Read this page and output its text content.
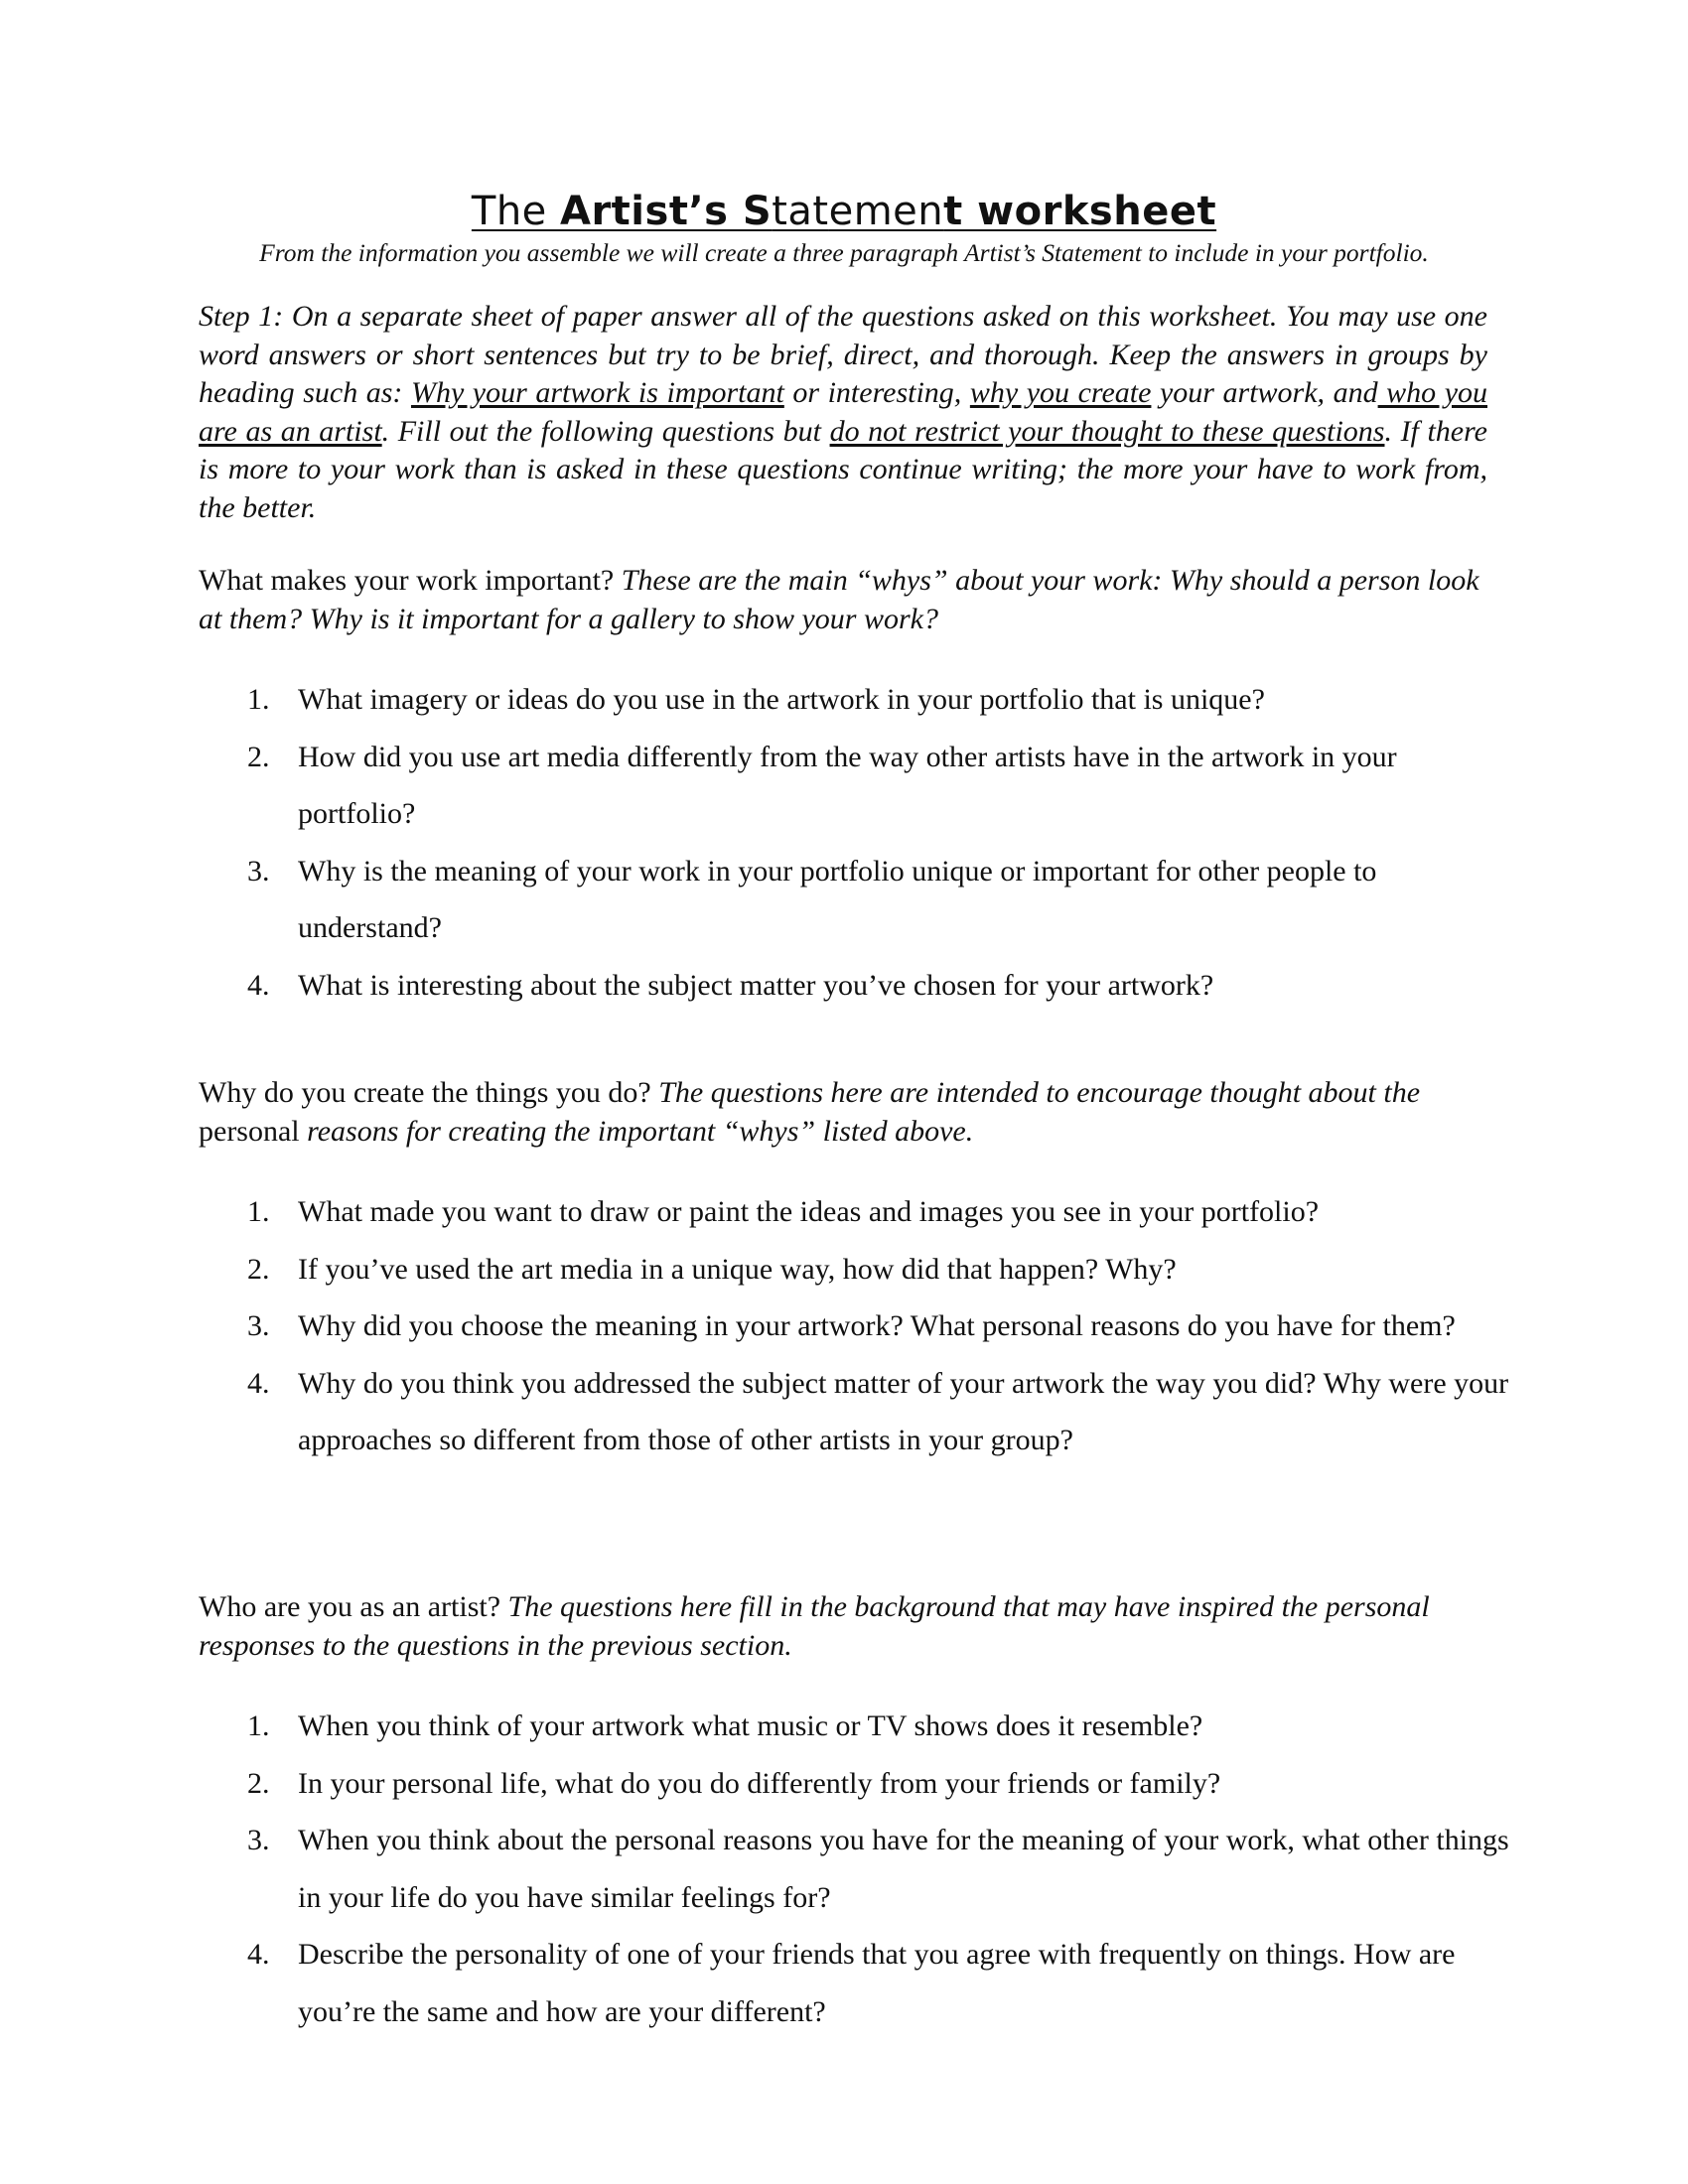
The Artist’s Statement worksheet

From the information you assemble we will create a three paragraph Artist’s Statement to include in your portfolio.

Step 1: On a separate sheet of paper answer all of the questions asked on this worksheet. You may use one word answers or short sentences but try to be brief, direct, and thorough. Keep the answers in groups by heading such as: Why your artwork is important or interesting, why you create your artwork, and who you are as an artist. Fill out the following questions but do not restrict your thought to these questions. If there is more to your work than is asked in these questions continue writing; the more your have to work from, the better.

What makes your work important? These are the main “whys” about your work: Why should a person look at them? Why is it important for a gallery to show your work?

1. What imagery or ideas do you use in the artwork in your portfolio that is unique?
2. How did you use art media differently from the way other artists have in the artwork in your portfolio?
3. Why is the meaning of your work in your portfolio unique or important for other people to understand?
4. What is interesting about the subject matter you’ve chosen for your artwork?

Why do you create the things you do? The questions here are intended to encourage thought about the personal reasons for creating the important “whys” listed above.

1. What made you want to draw or paint the ideas and images you see in your portfolio?
2. If you’ve used the art media in a unique way, how did that happen? Why?
3. Why did you choose the meaning in your artwork? What personal reasons do you have for them?
4. Why do you think you addressed the subject matter of your artwork the way you did? Why were your approaches so different from those of other artists in your group?

Who are you as an artist? The questions here fill in the background that may have inspired the personal responses to the questions in the previous section.

1. When you think of your artwork what music or TV shows does it resemble?
2. In your personal life, what do you do differently from your friends or family?
3. When you think about the personal reasons you have for the meaning of your work, what other things in your life do you have similar feelings for?
4. Describe the personality of one of your friends that you agree with frequently on things. How are you’re the same and how are your different?
